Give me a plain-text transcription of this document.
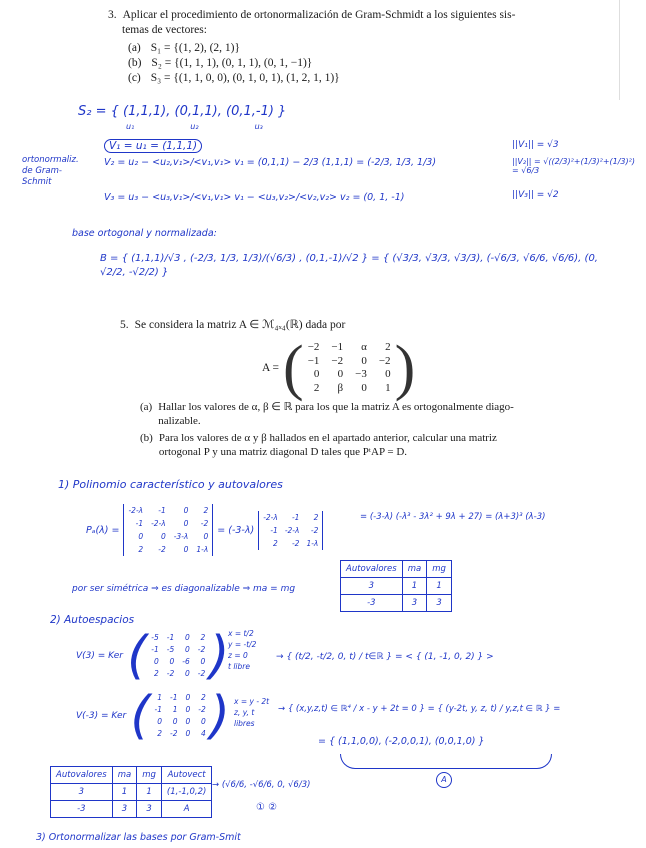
3. Aplicar el procedimiento de ortonormalización de Gram-Schmidt a los siguientes sis-
temas de vectores:
(a) S₁ = {(1, 2), (2, 1)}
(b) S₂ = {(1, 1, 1), (0, 1, 1), (0, 1, −1)}
(c) S₃ = {(1, 1, 0, 0), (0, 1, 0, 1), (1, 2, 1, 1)}
S₂ = { (1,1,1), (0,1,1), (0,1,-1) }
u₁	u₂	u₃
V₁ = u₁ = (1,1,1)
ortonormaliz. de Gram-Schmit
V₂ = u₂ − <u₂,v₁>/<v₁,v₁> v₁ = (0,1,1) − 2/3 (1,1,1) = (-2/3, 1/3, 1/3)
V₃ = u₃ − <u₃,v₁>/<v₁,v₁> v₁ − <u₃,v₂>/<v₂,v₂> v₂ = (0, 1, -1)
||V₁|| = √3
||V₂|| = √((2/3)²+(1/3)²+(1/3)²) = √6/3
||V₃|| = √2
base ortogonal y normalizada:
B = { (1,1,1)/√3 , (-2/3, 1/3, 1/3)/(√6/3) , (0,1,-1)/√2 } = { (√3/3, √3/3, √3/3), (-√6/3, √6/6, √6/6), (0, √2/2, -√2/2) }
5. Se considera la matriz A ∈ ℳ₄ₓ₄(ℝ) dada por
A = ( −2 −1	α	2
−1 −2	0 −2
0	0 −3	0
2	β	0	1 )
(a) Hallar los valores de α, β ∈ ℝ para los que la matriz A es ortogonalmente diago-
nalizable.
(b) Para los valores de α y β hallados en el apartado anterior, calcular una matriz
ortogonal P y una matriz diagonal D tales que PᵗAP = D.
1) Polinomio característico y autovalores
Pₐ(λ) =
-2-λ	-1	0	2
-1 -2-λ	0	-2
0	0 -3-λ	0
2	-2	0 1-λ
= (-3-λ)
-2-λ	-1	2
-1 -2-λ	-2
2	-2 1-λ
= (-3-λ) (-λ³ - 3λ² + 9λ + 27) = (λ+3)³ (λ-3)
Autovalores	ma	mg
3	1	1
-3	3	3
por ser simétrica ⇒ es diagonalizable ⇒ ma = mg
2) Autoespacios
V(3) = Ker ( -5 -1	0	2
-1 -5	0 -2
0	0 -6	0
2 -2	0 -2 )
x = t/2
y = -t/2
z = 0
t libre
→ { (t/2, -t/2, 0, t) / t∈ℝ } = < { (1, -1, 0, 2) } >
V(-3) = Ker ( 1 -1 0	2
-1	1 0 -2
0	0 0	0
2 -2 0	4 ) x = y - 2t
z, y, t
libres
→ { (x,y,z,t) ∈ ℝ⁴ / x - y + 2t = 0 } = { (y-2t, y, z, t) / y,z,t ∈ ℝ } =
= { (1,1,0,0), (-2,0,0,1), (0,0,1,0) }
A
Autovalores	ma	mg	Autovect
3	1	1	(1,-1,0,2)
-3	3	3	A
→ (√6/6, -√6/6, 0, √6/3)
① ②
3) Ortonormalizar las bases por Gram-Smit
